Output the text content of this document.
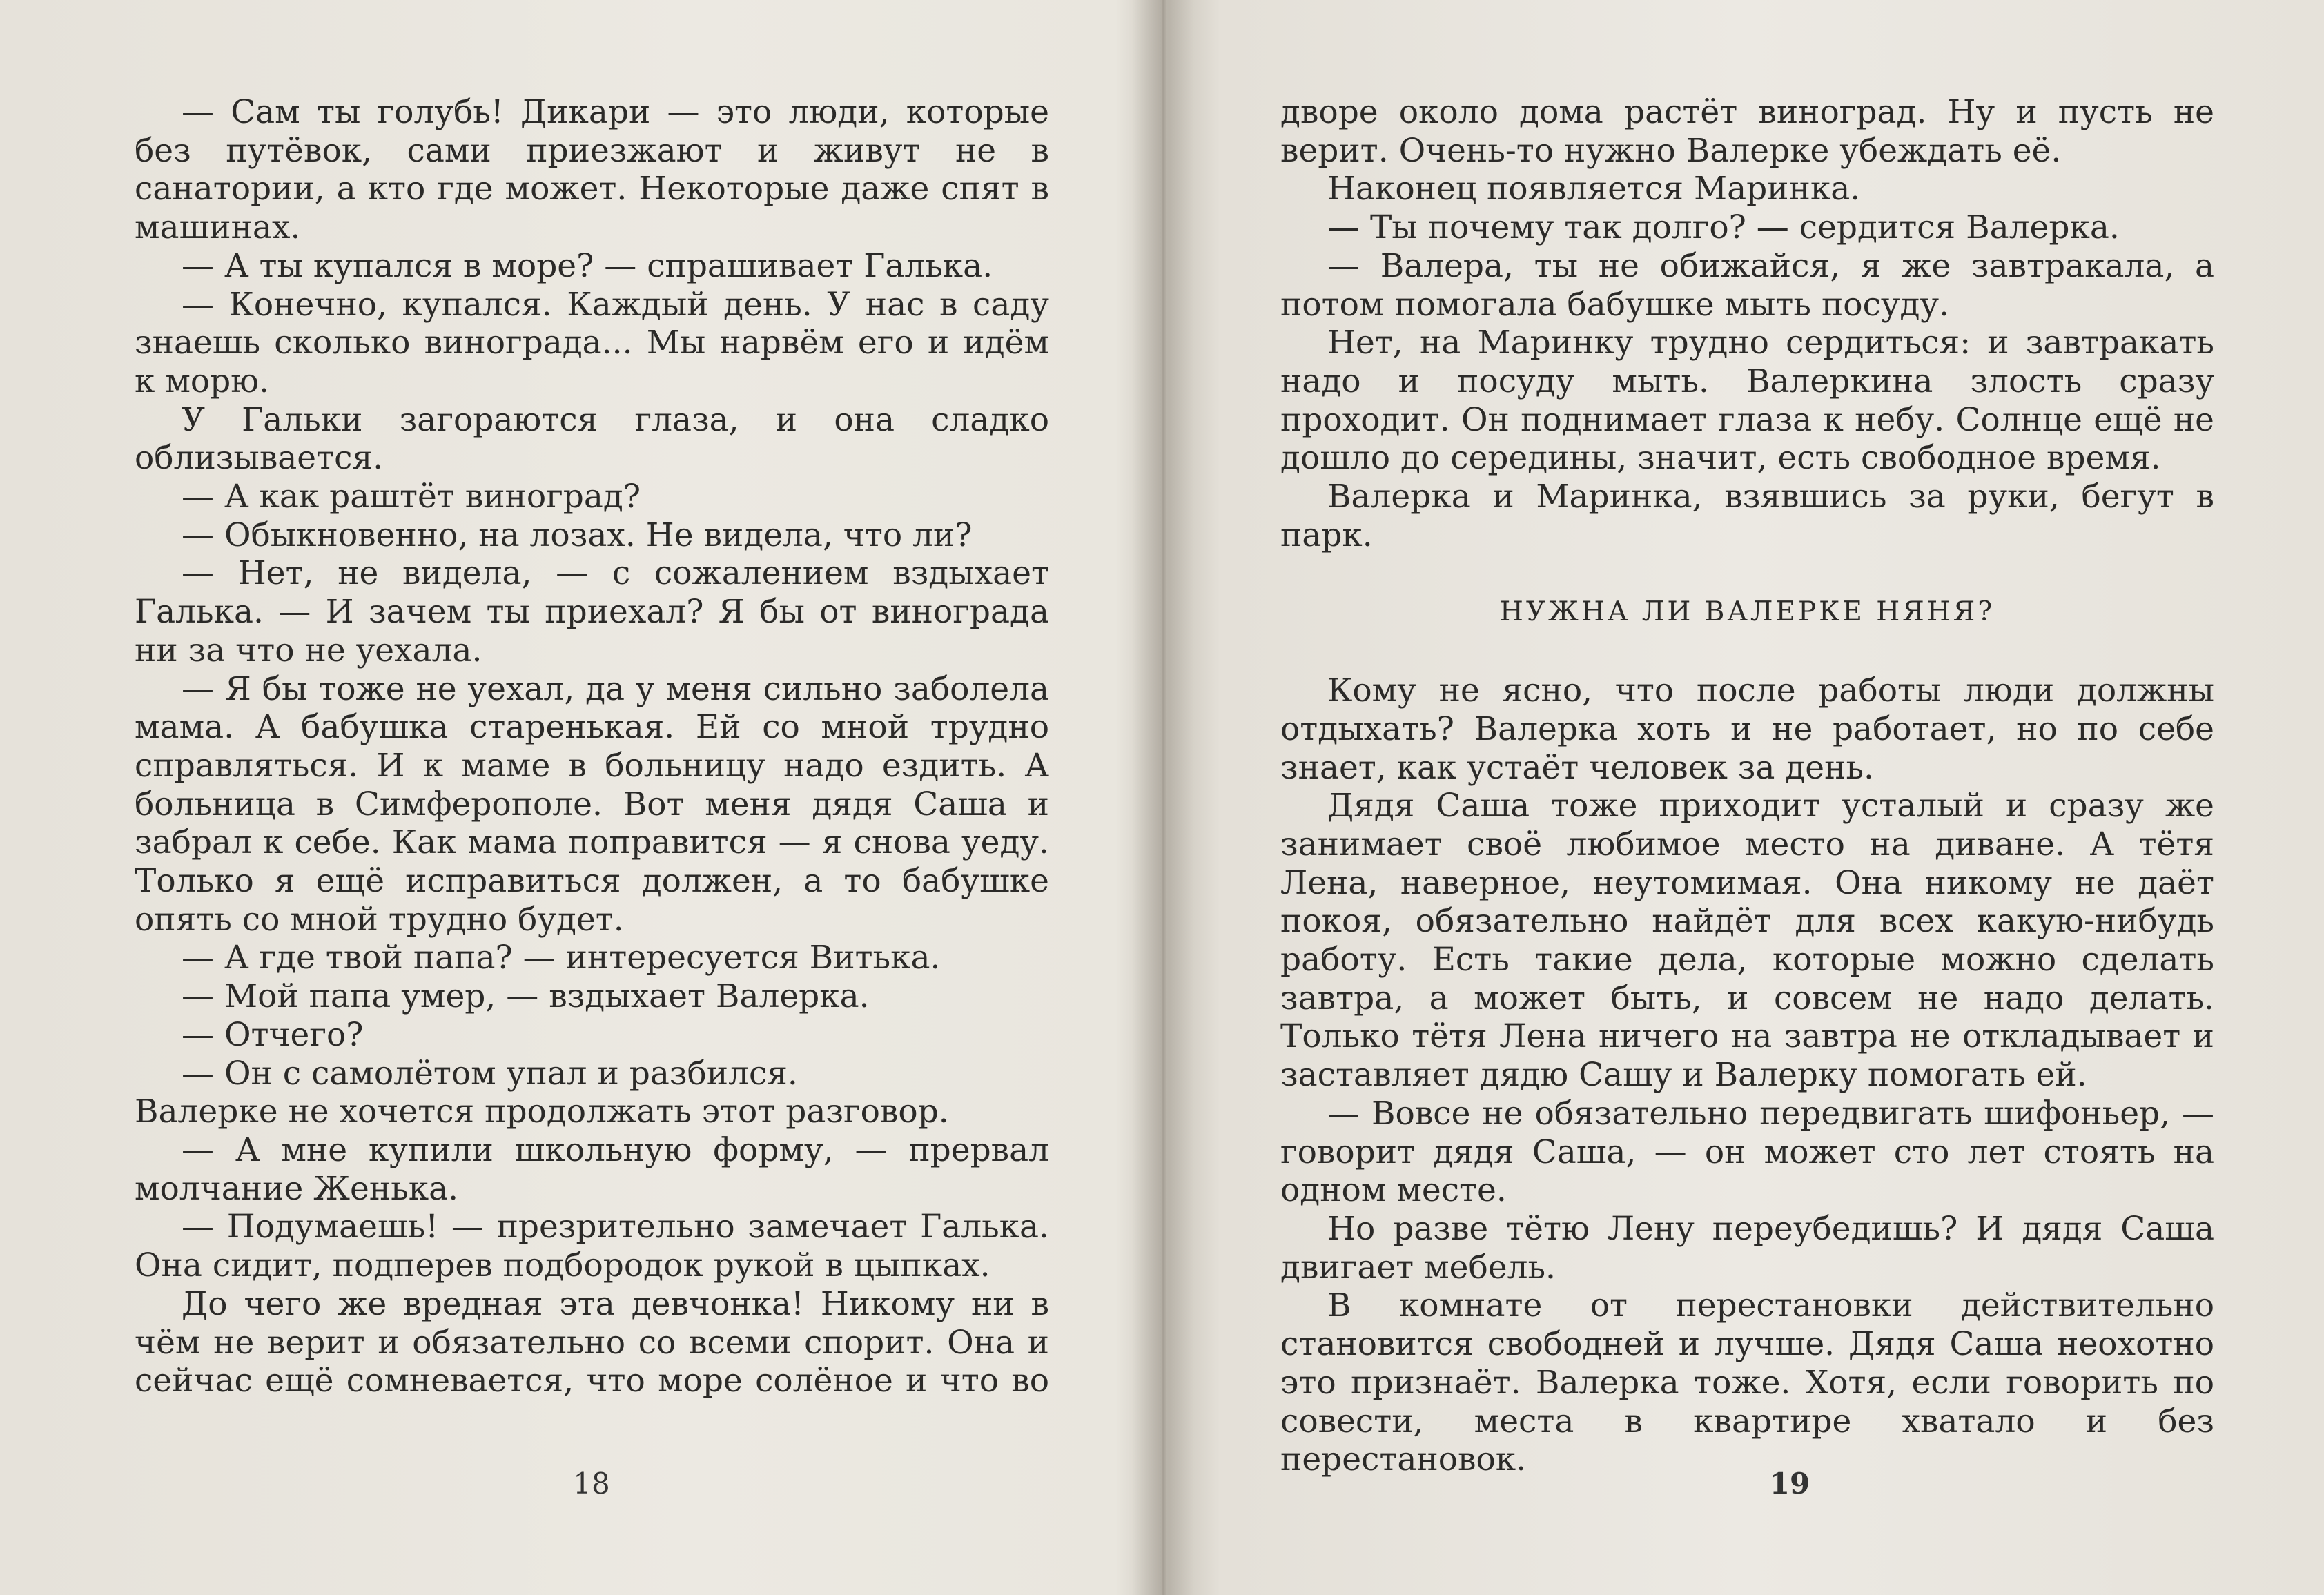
— Сам ты голубь! Дикари — это люди, которые без путёвок, сами приезжают и живут не в санатории, а кто где может. Некоторые даже спят в машинах.

— А ты купался в море? — спрашивает Галька.

— Конечно, купался. Каждый день. У нас в саду знаешь сколько винограда... Мы нарвём его и идём к морю.

У Гальки загораются глаза, и она сладко облизывается.

— А как раштёт виноград?

— Обыкновенно, на лозах. Не видела, что ли?

— Нет, не видела, — с сожалением вздыхает Галька. — И зачем ты приехал? Я бы от винограда ни за что не уехала.

— Я бы тоже не уехал, да у меня сильно заболела мама. А бабушка старенькая. Ей со мной трудно справляться. И к маме в больницу надо ездить. А больница в Симферополе. Вот меня дядя Саша и забрал к себе. Как мама поправится — я снова уеду. Только я ещё исправиться должен, а то бабушке опять со мной трудно будет.

— А где твой папа? — интересуется Витька.

— Мой папа умер, — вздыхает Валерка.

— Отчего?

— Он с самолётом упал и разбился.

Валерке не хочется продолжать этот разговор.

— А мне купили школьную форму, — прервал молчание Женька.

— Подумаешь! — презрительно замечает Галька. Она сидит, подперев подбородок рукой в цыпках.

До чего же вредная эта девчонка! Никому ни в чём не верит и обязательно со всеми спорит. Она и сейчас ещё сомневается, что море солёное и что во

18

дворе около дома растёт виноград. Ну и пусть не верит. Очень-то нужно Валерке убеждать её.

Наконец появляется Маринка.

— Ты почему так долго? — сердится Валерка.

— Валера, ты не обижайся, я же завтракала, а потом помогала бабушке мыть посуду.

Нет, на Маринку трудно сердиться: и завтракать надо и посуду мыть. Валеркина злость сразу проходит. Он поднимает глаза к небу. Солнце ещё не дошло до середины, значит, есть свободное время.

Валерка и Маринка, взявшись за руки, бегут в парк.

НУЖНА ЛИ ВАЛЕРКЕ НЯНЯ?

Кому не ясно, что после работы люди должны отдыхать? Валерка хоть и не работает, но по себе знает, как устаёт человек за день.

Дядя Саша тоже приходит усталый и сразу же занимает своё любимое место на диване. А тётя Лена, наверное, неутомимая. Она никому не даёт покоя, обязательно найдёт для всех какую-нибудь работу. Есть такие дела, которые можно сделать завтра, а может быть, и совсем не надо делать. Только тётя Лена ничего на завтра не откладывает и заставляет дядю Сашу и Валерку помогать ей.

— Вовсе не обязательно передвигать шифоньер, — говорит дядя Саша, — он может сто лет стоять на одном месте.

Но разве тётю Лену переубедишь? И дядя Саша двигает мебель.

В комнате от перестановки действительно становится свободней и лучше. Дядя Саша неохотно это признаёт. Валерка тоже. Хотя, если говорить по совести, места в квартире хватало и без перестановок.

19
